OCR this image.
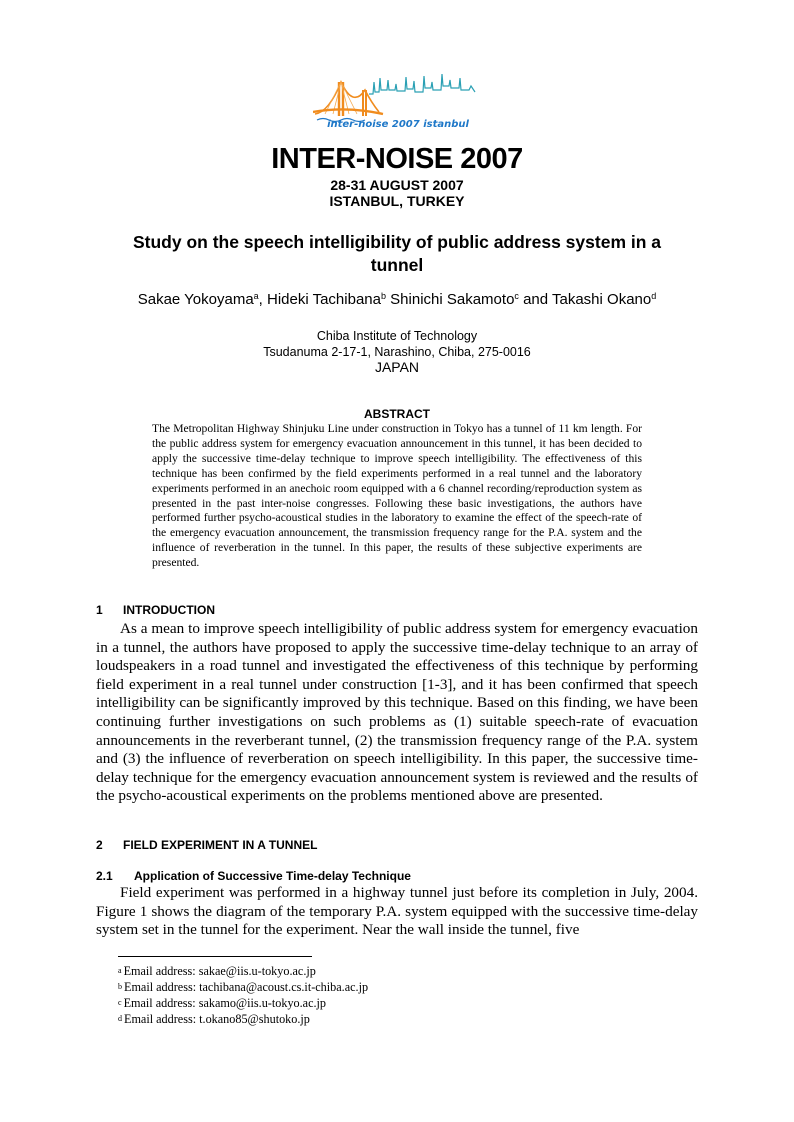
inter-noise 2007 istanbul
INTER-NOISE 2007
28-31 AUGUST 2007
ISTANBUL, TURKEY
Study on the speech intelligibility of public address system in a tunnel
Sakae Yokoyama$^a$, Hideki Tachibana$^b$ Shinichi Sakamoto$^c$ and Takashi Okano$^d$
Chiba Institute of Technology
Tsudanuma 2-17-1, Narashino, Chiba, 275-0016
JAPAN
ABSTRACT
The Metropolitan Highway Shinjuku Line under construction in Tokyo has a tunnel of 11 km length. For the public address system for emergency evacuation announcement in this tunnel, it has been decided to apply the successive time-delay technique to improve speech intelligibility. The effectiveness of this technique has been confirmed by the field experiments performed in a real tunnel and the laboratory experiments performed in an anechoic room equipped with a 6 channel recording/reproduction system as presented in the past inter-noise congresses. Following these basic investigations, the authors have performed further psycho-acoustical studies in the laboratory to examine the effect of the speech-rate of the emergency evacuation announcement, the transmission frequency range for the P.A. system and the influence of reverberation in the tunnel. In this paper, the results of these subjective experiments are presented.
1 INTRODUCTION
As a mean to improve speech intelligibility of public address system for emergency evacuation in a tunnel, the authors have proposed to apply the successive time-delay technique to an array of loudspeakers in a road tunnel and investigated the effectiveness of this technique by performing field experiment in a real tunnel under construction [1-3], and it has been confirmed that speech intelligibility can be significantly improved by this technique. Based on this finding, we have been continuing further investigations on such problems as (1) suitable speech-rate of evacuation announcements in the reverberant tunnel, (2) the transmission frequency range of the P.A. system and (3) the influence of reverberation on speech intelligibility. In this paper, the successive time-delay technique for the emergency evacuation announcement system is reviewed and the results of the psycho-acoustical experiments on the problems mentioned above are presented.
2 FIELD EXPERIMENT IN A TUNNEL
2.1 Application of Successive Time-delay Technique
Field experiment was performed in a highway tunnel just before its completion in July, 2004. Figure 1 shows the diagram of the temporary P.A. system equipped with the successive time-delay system set in the tunnel for the experiment. Near the wall inside the tunnel, five
$^a$ Email address: sakae@iis.u-tokyo.ac.jp
$^b$ Email address: tachibana@acoust.cs.it-chiba.ac.jp
$^c$ Email address: sakamo@iis.u-tokyo.ac.jp
$^d$ Email address: t.okano85@shutoko.jp
